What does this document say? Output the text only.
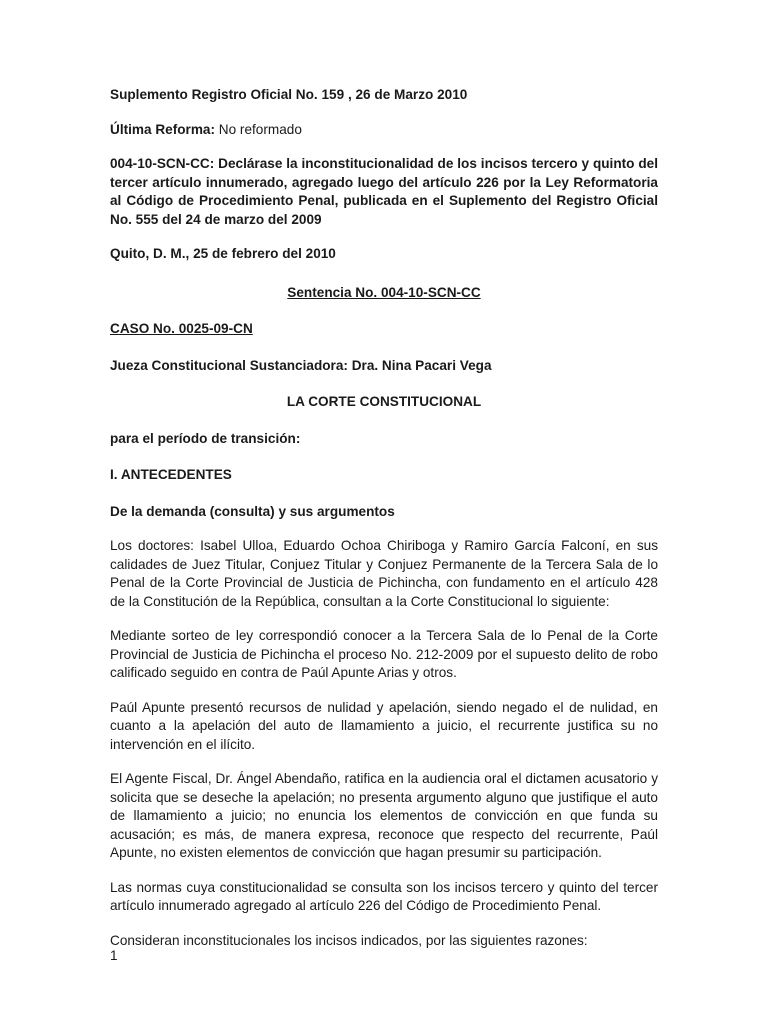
Suplemento Registro Oficial No. 159 , 26 de Marzo 2010

Última Reforma: No reformado

004-10-SCN-CC: Declárase la inconstitucionalidad de los incisos tercero y quinto del tercer artículo innumerado, agregado luego del artículo 226 por la Ley Reformatoria al Código de Procedimiento Penal, publicada en el Suplemento del Registro Oficial No. 555 del 24 de marzo del 2009

Quito, D. M., 25 de febrero del 2010

Sentencia No. 004-10-SCN-CC

CASO No. 0025-09-CN

Jueza Constitucional Sustanciadora: Dra. Nina Pacari Vega

LA CORTE CONSTITUCIONAL

para el período de transición:

I. ANTECEDENTES

De la demanda (consulta) y sus argumentos

Los doctores: Isabel Ulloa, Eduardo Ochoa Chiriboga y Ramiro García Falconí, en sus calidades de Juez Titular, Conjuez Titular y Conjuez Permanente de la Tercera Sala de lo Penal de la Corte Provincial de Justicia de Pichincha, con fundamento en el artículo 428 de la Constitución de la República, consultan a la Corte Constitucional lo siguiente:

Mediante sorteo de ley correspondió conocer a la Tercera Sala de lo Penal de la Corte Provincial de Justicia de Pichincha el proceso No. 212-2009 por el supuesto delito de robo calificado seguido en contra de Paúl Apunte Arias y otros.

Paúl Apunte presentó recursos de nulidad y apelación, siendo negado el de nulidad, en cuanto a la apelación del auto de llamamiento a juicio, el recurrente justifica su no intervención en el ilícito.

El Agente Fiscal, Dr. Ángel Abendaño, ratifica en la audiencia oral el dictamen acusatorio y solicita que se deseche la apelación; no presenta argumento alguno que justifique el auto de llamamiento a juicio; no enuncia los elementos de convicción en que funda su acusación; es más, de manera expresa, reconoce que respecto del recurrente, Paúl Apunte, no existen elementos de convicción que hagan presumir su participación.

Las normas cuya constitucionalidad se consulta son los incisos tercero y quinto del tercer artículo innumerado agregado al artículo 226 del Código de Procedimiento Penal.

Consideran inconstitucionales los incisos indicados, por las siguientes razones:

1
